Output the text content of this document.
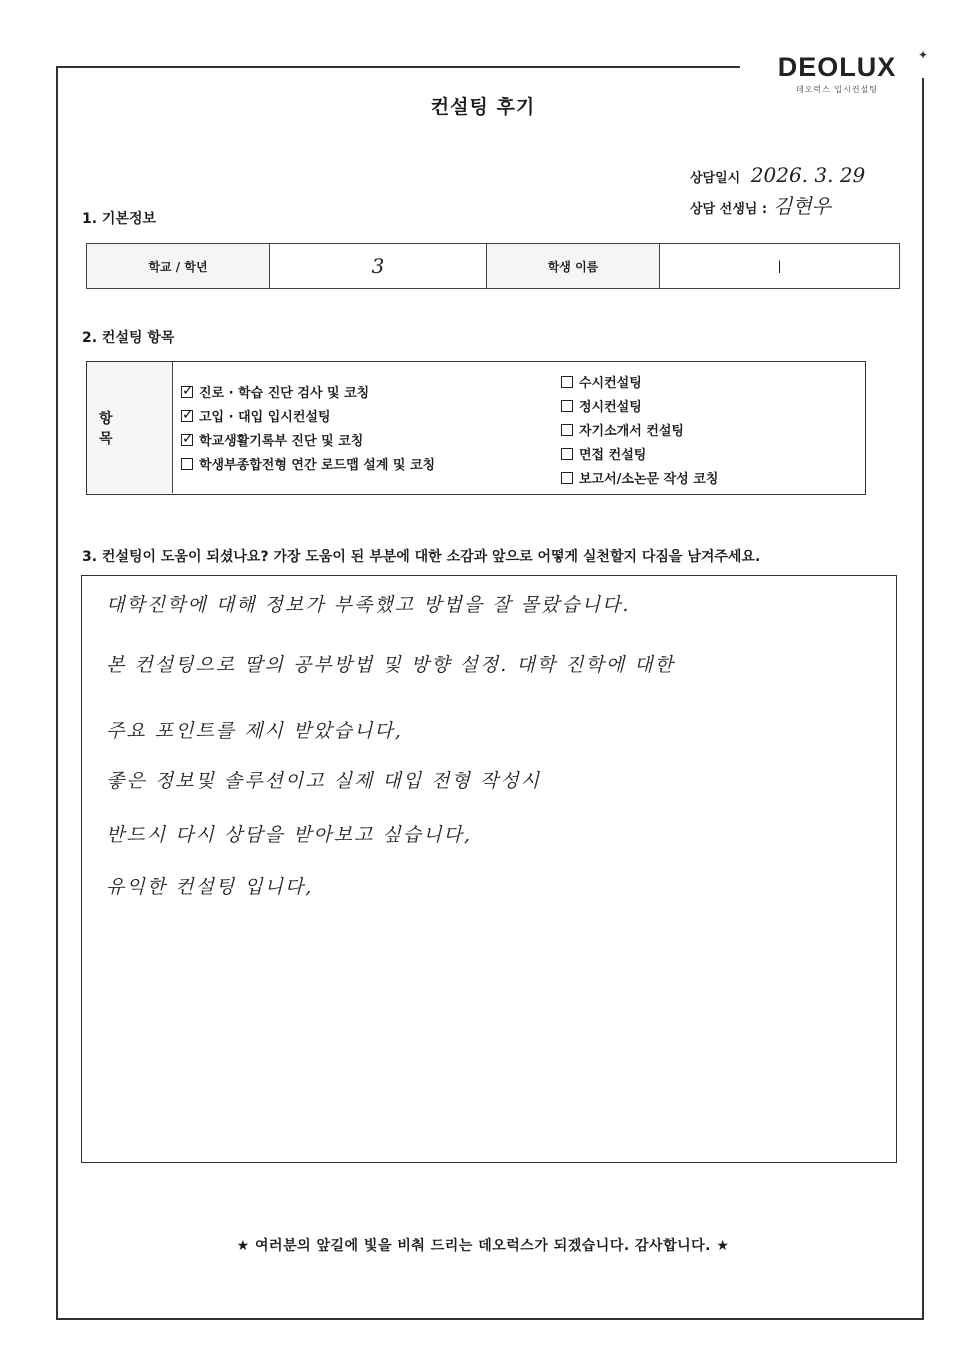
DEOLUX	✦
데오럭스 입시컨설팅
컨설팅 후기
상담일시 2026. 3. 29
상담 선생님 : 김현우
1. 기본정보
학교 / 학년	3	학생 이름	|
2. 컨설팅 항목
항 목
✓진로 · 학습 진단 검사 및 코칭
✓고입 · 대입 입시컨설팅
✓학교생활기록부 진단 및 코칭
학생부종합전형 연간 로드맵 설계 및 코칭
수시컨설팅
정시컨설팅
자기소개서 컨설팅
면접 컨설팅
보고서/소논문 작성 코칭
3. 컨설팅이 도움이 되셨나요? 가장 도움이 된 부분에 대한 소감과 앞으로 어떻게 실천할지 다짐을 남겨주세요.
대학진학에 대해 정보가 부족했고 방법을 잘 몰랐습니다.
본 컨설팅으로 딸의 공부방법 및 방향 설정. 대학 진학에 대한
주요 포인트를 제시 받았습니다,
좋은 정보및 솔루션이고 실제 대입 전형 작성시
반드시 다시 상담을 받아보고 싶습니다,
유익한 컨설팅 입니다,
★ 여러분의 앞길에 빛을 비춰 드리는 데오럭스가 되겠습니다. 감사합니다. ★
